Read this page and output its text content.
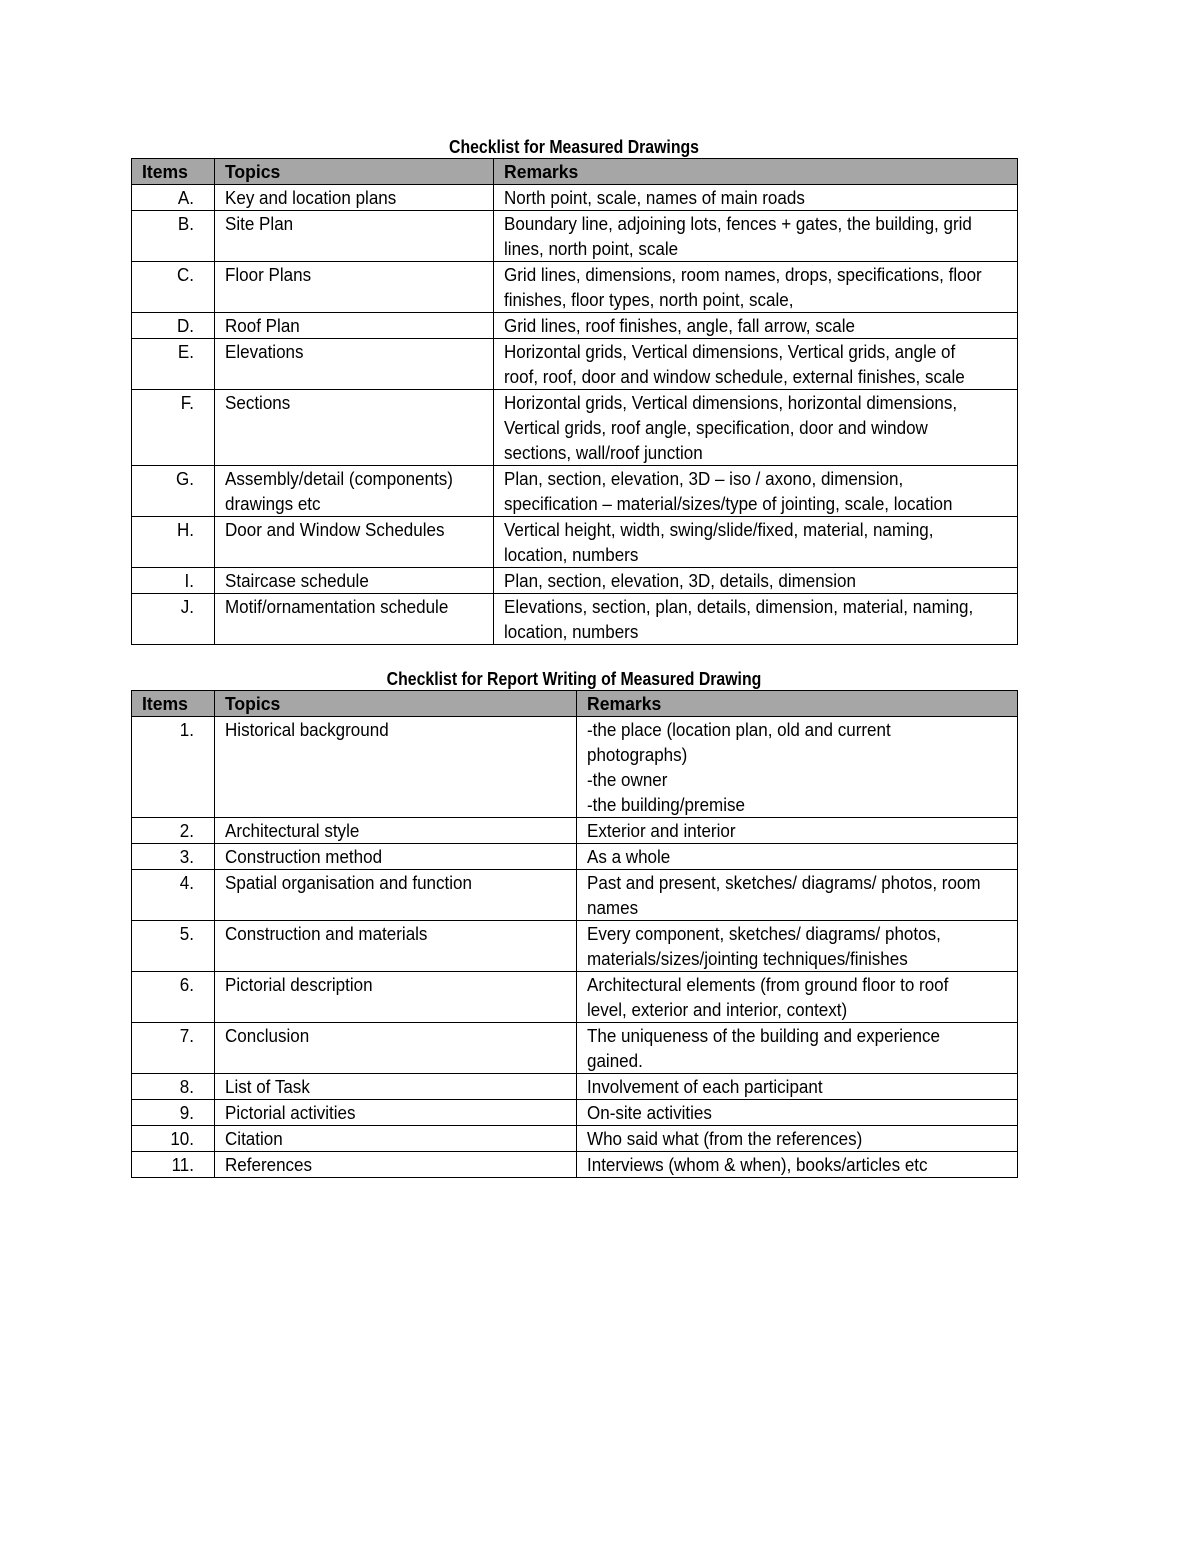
Checklist for Measured Drawings
Items	Topics	Remarks

A.	Key and location plans	North point, scale, names of main roads

B.	Site Plan	Boundary line, adjoining lots, fences + gates, the building, grid
lines, north point, scale

C.	Floor Plans	Grid lines, dimensions, room names, drops, specifications, floor
finishes, floor types, north point, scale,

D.	Roof Plan	Grid lines, roof finishes, angle, fall arrow, scale

E.	Elevations	Horizontal grids, Vertical dimensions, Vertical grids, angle of
roof, roof, door and window schedule, external finishes, scale

F.	Sections	Horizontal grids, Vertical dimensions, horizontal dimensions,
Vertical grids, roof angle, specification, door and window
sections, wall/roof junction

G.	Assembly/detail (components)
drawings etc	Plan, section, elevation, 3D – iso / axono, dimension,
specification – material/sizes/type of jointing, scale, location

H.	Door and Window Schedules	Vertical height, width, swing/slide/fixed, material, naming,
location, numbers

I.	Staircase schedule	Plan, section, elevation, 3D, details, dimension

J.	Motif/ornamentation schedule	Elevations, section, plan, details, dimension, material, naming,
location, numbers
Checklist for Report Writing of Measured Drawing
Items	Topics	Remarks

1.	Historical background	-the place (location plan, old and current
photographs)
-the owner
-the building/premise

2.	Architectural style	Exterior and interior

3.	Construction method	As a whole

4.	Spatial organisation and function	Past and present, sketches/ diagrams/ photos, room
names

5.	Construction and materials	Every component, sketches/ diagrams/ photos,
materials/sizes/jointing techniques/finishes

6.	Pictorial description	Architectural elements (from ground floor to roof
level, exterior and interior, context)

7.	Conclusion	The uniqueness of the building and experience
gained.

8.	List of Task	Involvement of each participant

9.	Pictorial activities	On-site activities

10.	Citation	Who said what (from the references)

11.	References	Interviews (whom & when), books/articles etc
